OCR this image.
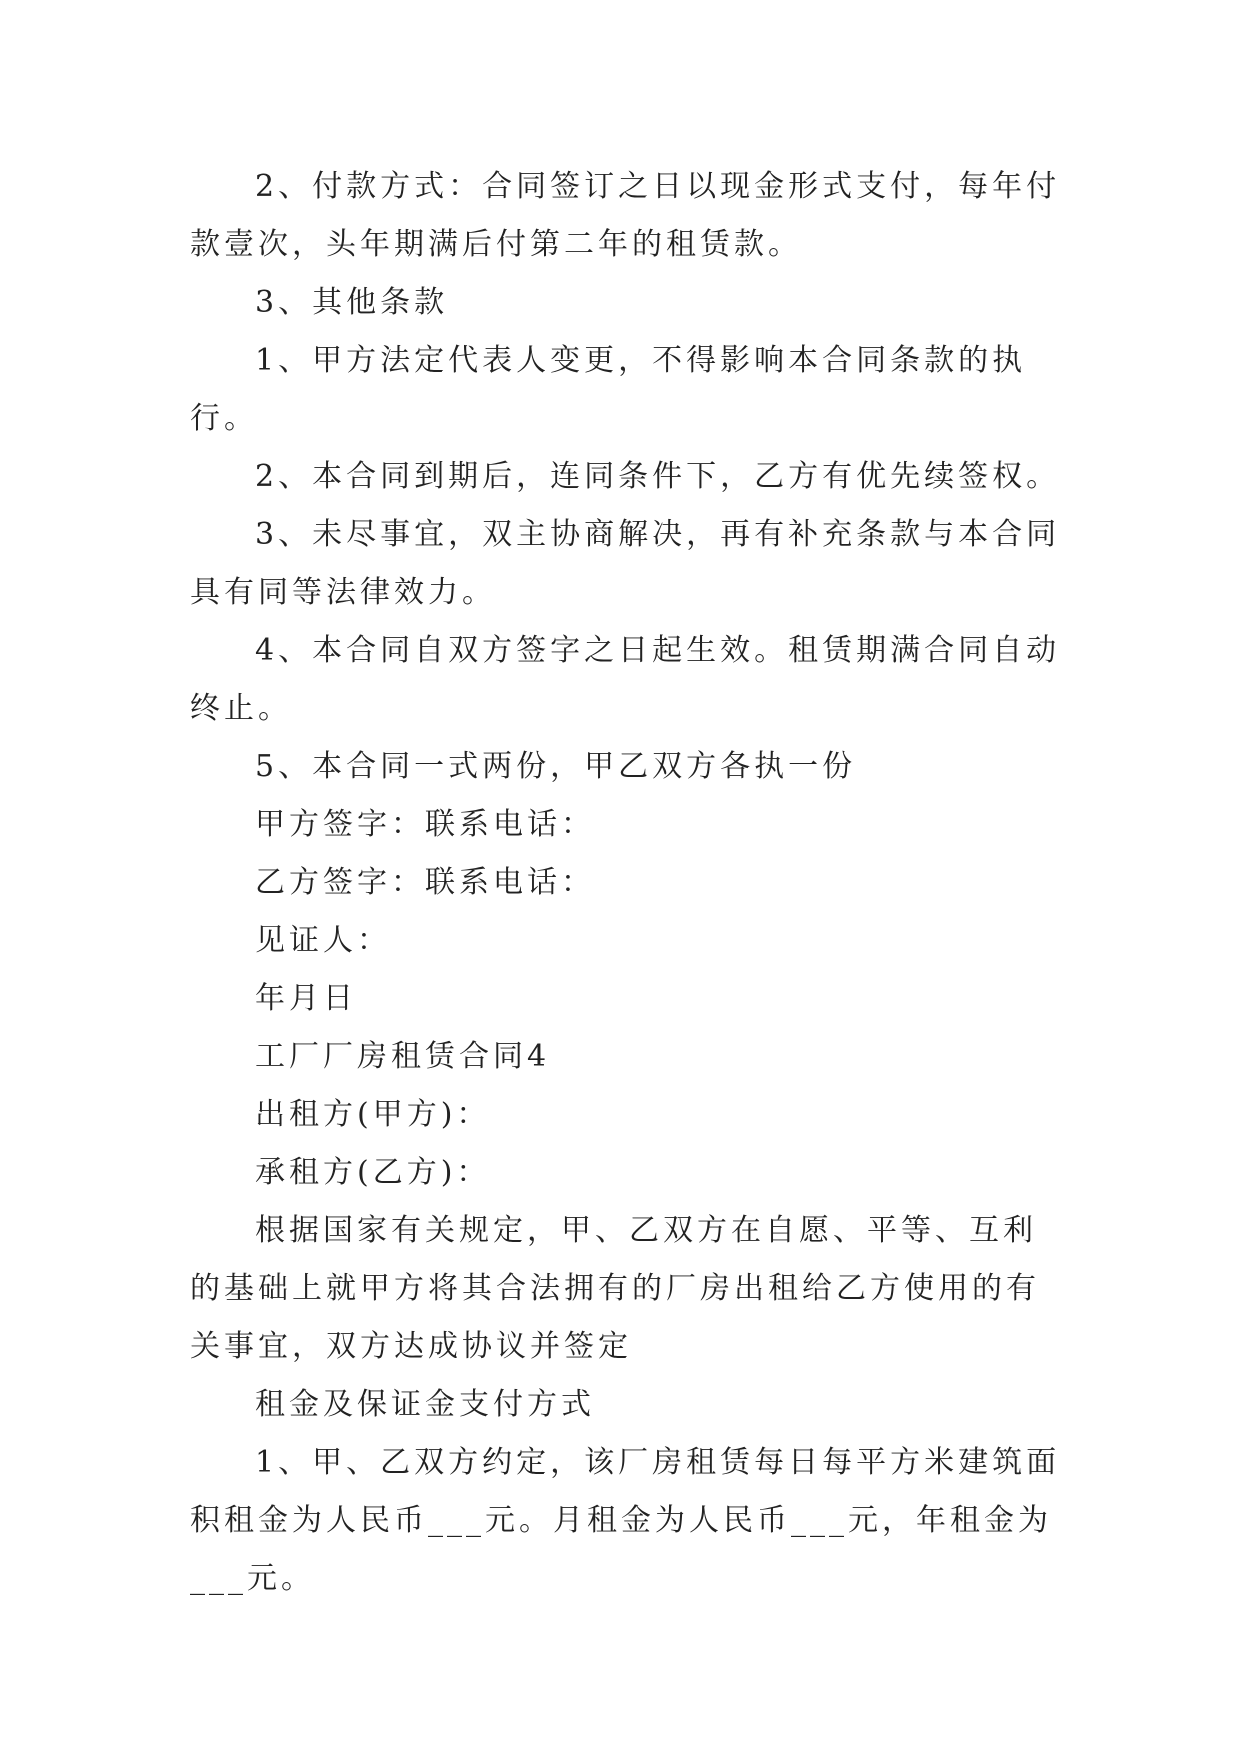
2、付款方式：合同签订之日以现金形式支付，每年付款壹次，头年期满后付第二年的租赁款。

3、其他条款

1、甲方法定代表人变更，不得影响本合同条款的执行。

2、本合同到期后，连同条件下，乙方有优先续签权。

3、未尽事宜，双主协商解决，再有补充条款与本合同具有同等法律效力。

4、本合同自双方签字之日起生效。租赁期满合同自动终止。

5、本合同一式两份，甲乙双方各执一份

甲方签字：联系电话：

乙方签字：联系电话：

见证人：

年月日

工厂厂房租赁合同4

出租方(甲方)：

承租方(乙方)：

根据国家有关规定，甲、乙双方在自愿、平等、互利的基础上就甲方将其合法拥有的厂房出租给乙方使用的有关事宜，双方达成协议并签定

租金及保证金支付方式

1、甲、乙双方约定，该厂房租赁每日每平方米建筑面积租金为人民币___元。月租金为人民币___元，年租金为___元。
